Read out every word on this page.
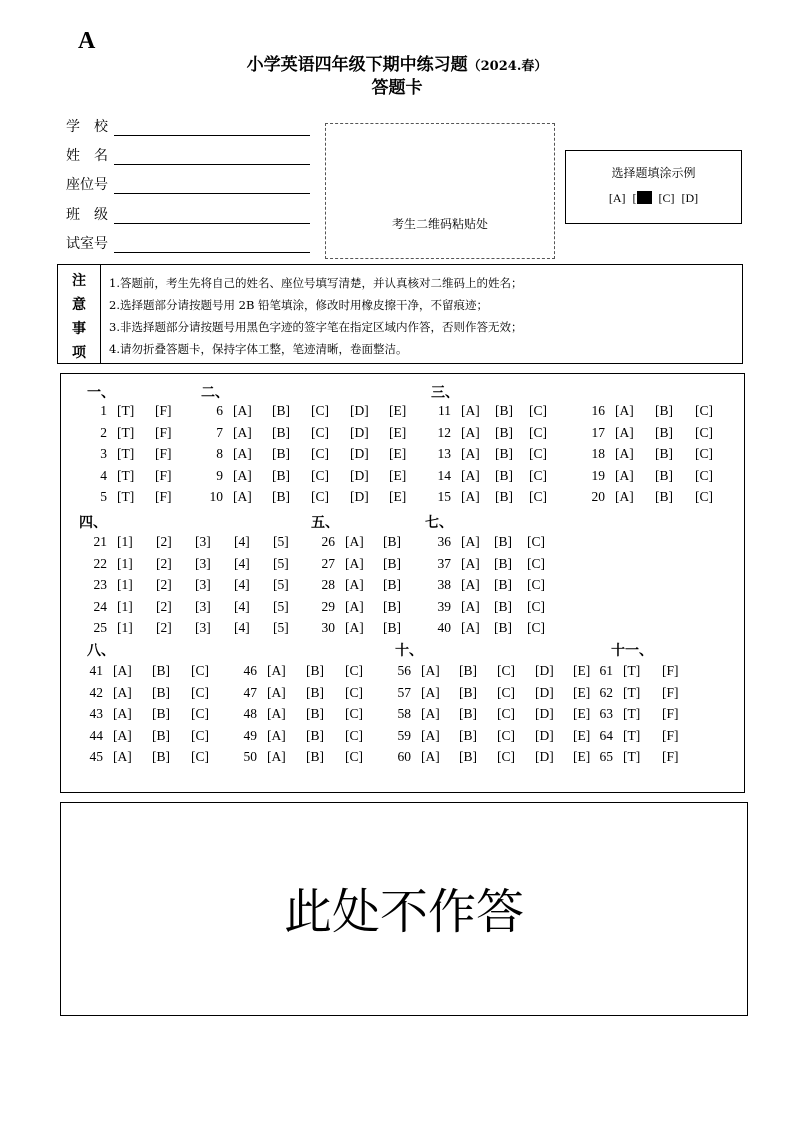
A
小学英语四年级下期中练习题（2024.春）
答题卡
学　校
姓　名
座位号
班　级
试室号
考生二维码粘贴处
选择题填涂示例
[A] [ [C] [D]
注
意
事
项
1.答题前，考生先将自己的姓名、座位号填写清楚，并认真核对二维码上的姓名；
2.选择题部分请按题号用 2B 铅笔填涂，修改时用橡皮擦干净，不留痕迹；
3.非选择题部分请按题号用黑色字迹的签字笔在指定区域内作答，否则作答无效；
4.请勿折叠答题卡，保持字体工整，笔迹清晰，卷面整洁。
一、	二、	三、
四、	五、	七、
八、	十、	十一、
1 [T] [F]
2 [T] [F]
3 [T] [F]
4 [T] [F]
5 [T] [F]
6 [A] [B] [C] [D] [E]
7 [A] [B] [C] [D] [E]
8 [A] [B] [C] [D] [E]
9 [A] [B] [C] [D] [E]
10 [A] [B] [C] [D] [E]
11 [A] [B] [C]
12 [A] [B] [C]
13 [A] [B] [C]
14 [A] [B] [C]
15 [A] [B] [C]
16 [A] [B] [C]
17 [A] [B] [C]
18 [A] [B] [C]
19 [A] [B] [C]
20 [A] [B] [C]
21 [1] [2] [3] [4] [5]
22 [1] [2] [3] [4] [5]
23 [1] [2] [3] [4] [5]
24 [1] [2] [3] [4] [5]
25 [1] [2] [3] [4] [5]
26 [A] [B]
27 [A] [B]
28 [A] [B]
29 [A] [B]
30 [A] [B]
36 [A] [B] [C]
37 [A] [B] [C]
38 [A] [B] [C]
39 [A] [B] [C]
40 [A] [B] [C]
41 [A] [B] [C]
42 [A] [B] [C]
43 [A] [B] [C]
44 [A] [B] [C]
45 [A] [B] [C]
46 [A] [B] [C]
47 [A] [B] [C]
48 [A] [B] [C]
49 [A] [B] [C]
50 [A] [B] [C]
56 [A] [B] [C] [D] [E]
57 [A] [B] [C] [D] [E]
58 [A] [B] [C] [D] [E]
59 [A] [B] [C] [D] [E]
60 [A] [B] [C] [D] [E]
61 [T] [F]
62 [T] [F]
63 [T] [F]
64 [T] [F]
65 [T] [F]
此处不作答
